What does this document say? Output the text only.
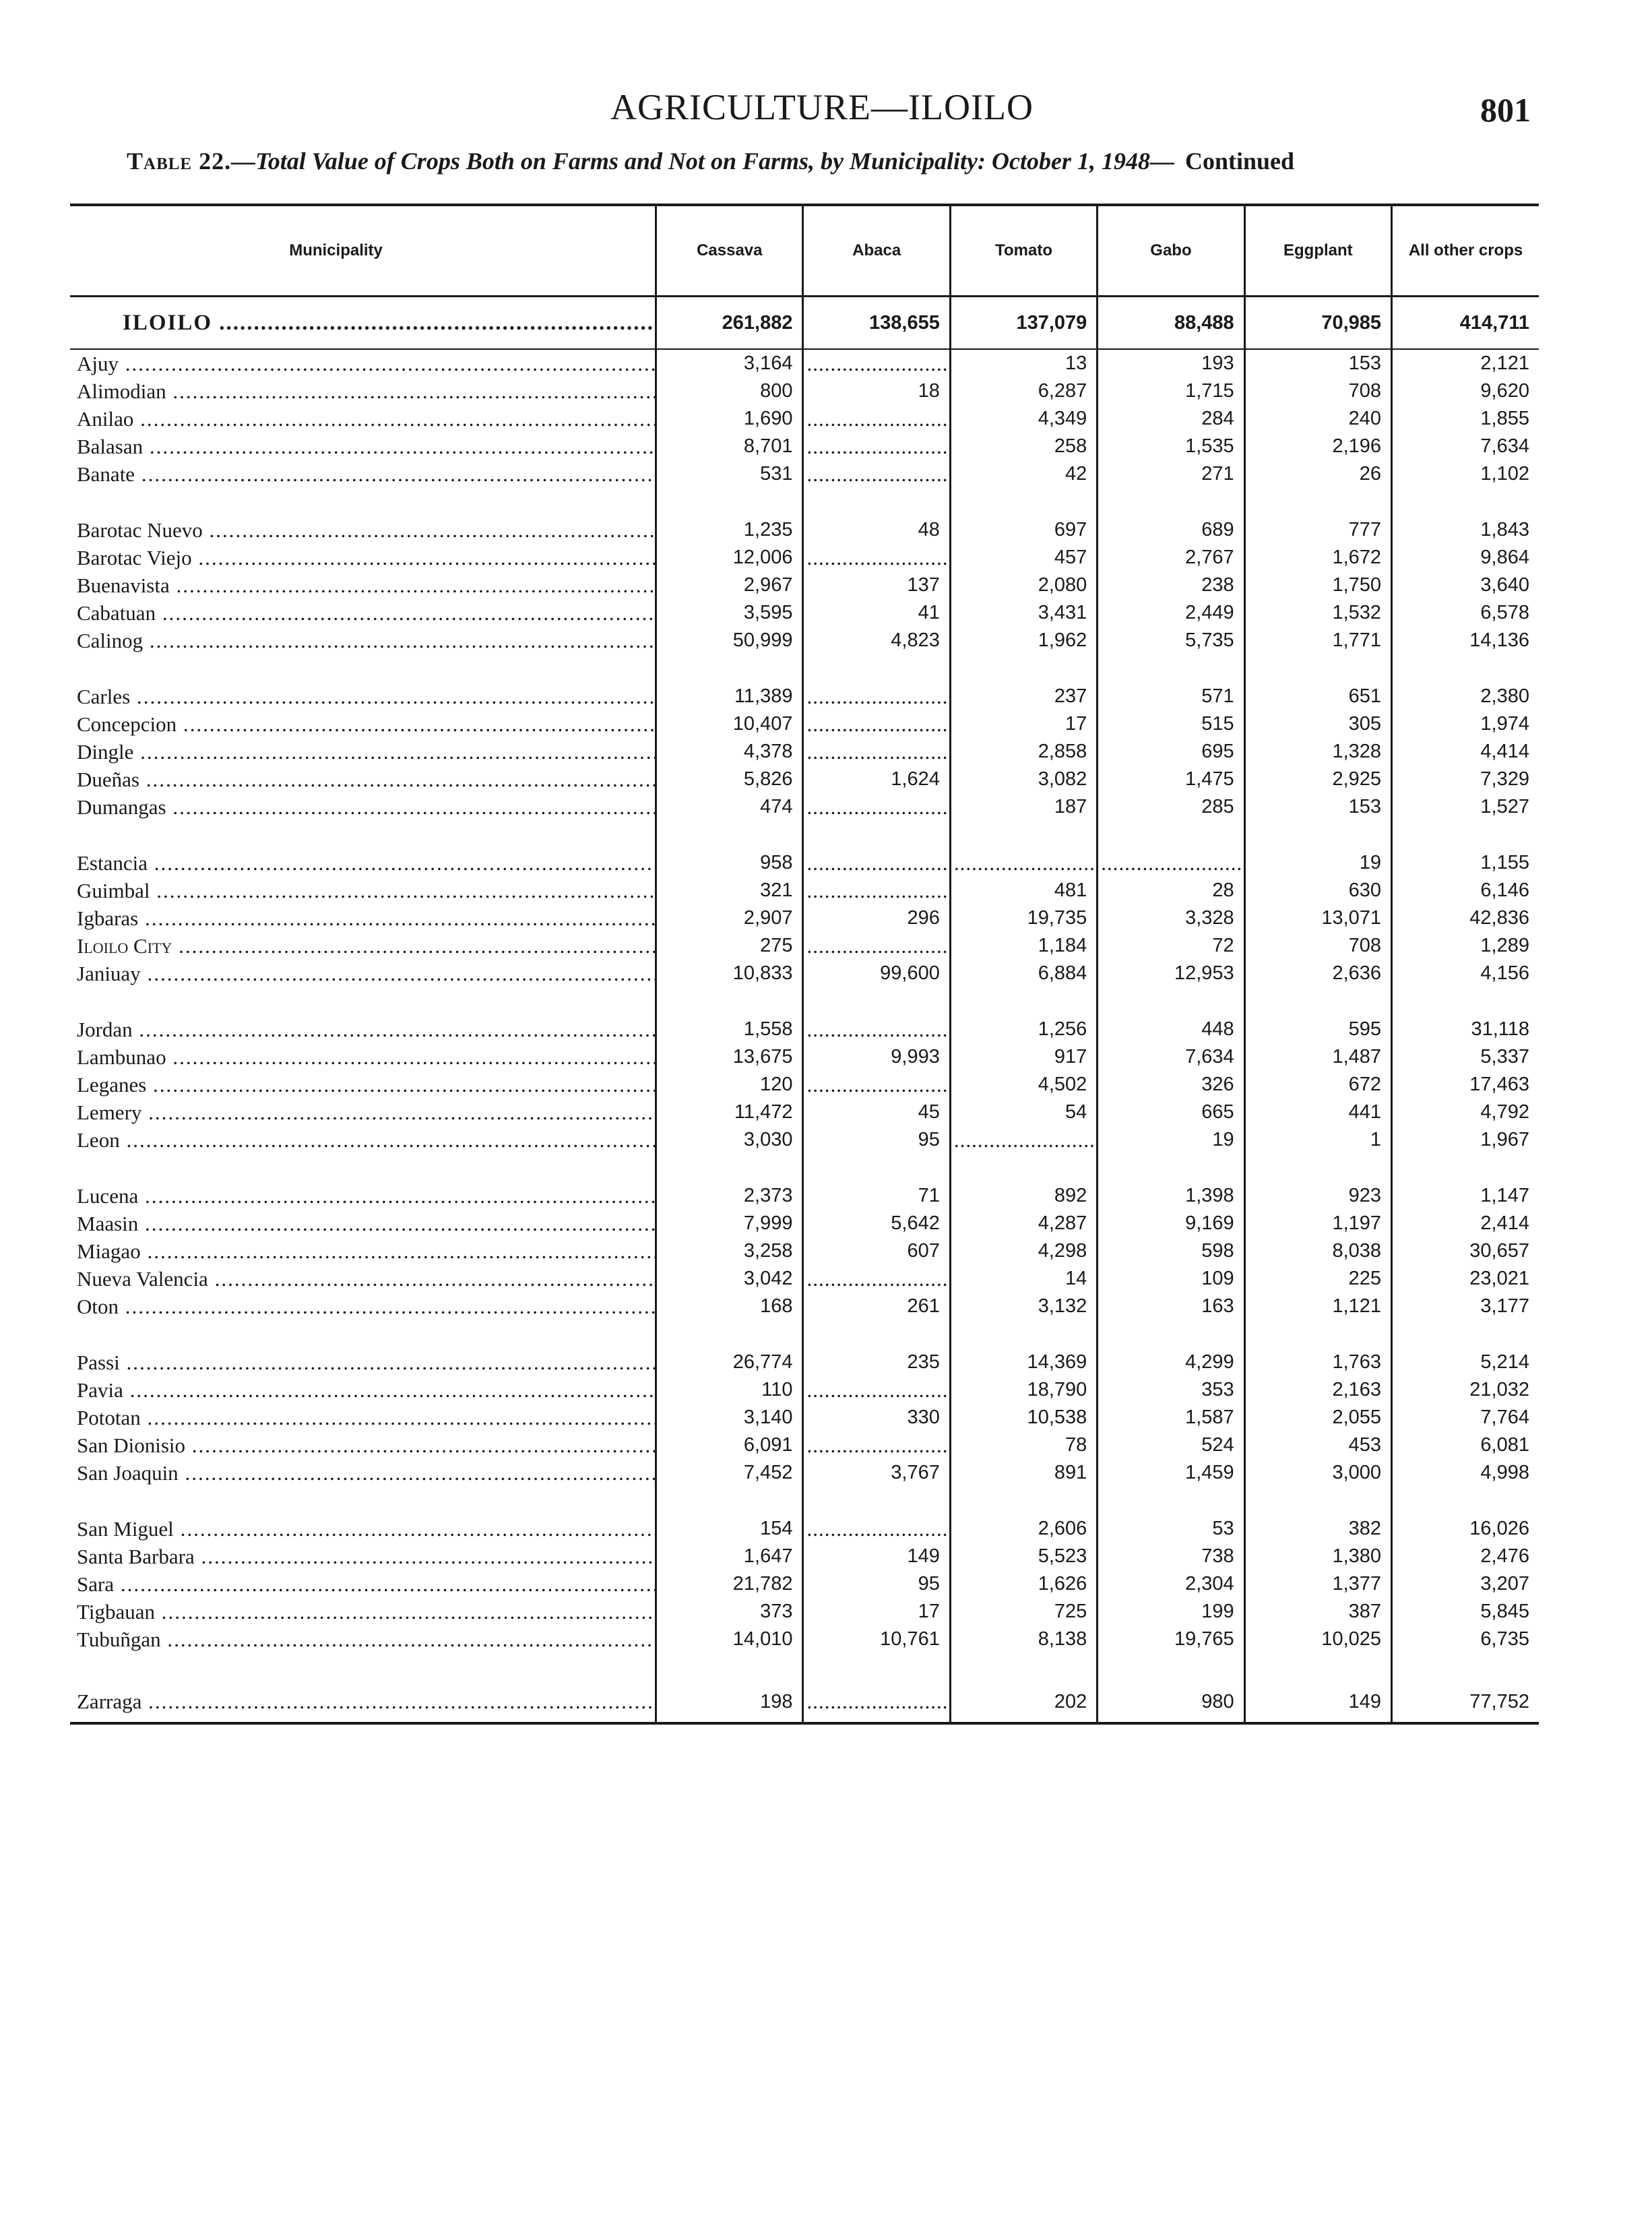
AGRICULTURE—ILOILO	801
Table 22.—Total Value of Crops Both on Farms and Not on Farms, by Municipality: October 1, 1948— Continued
Municipality	Cassava	Abaca	Tomato	Gabo	Eggplant	All other crops
ILOILO .....	261,882	138,655	137,079	88,488	70,985	414,711
Ajuy .....	3,164	.....	13	193	153	2,121
Alimodian .....	800	18	6,287	1,715	708	9,620
Anilao .....	1,690	.....	4,349	284	240	1,855
Balasan .....	8,701	.....	258	1,535	2,196	7,634
Banate .....	531	.....	42	271	26	1,102

Barotac Nuevo .....	1,235	48	697	689	777	1,843
Barotac Viejo .....	12,006	.....	457	2,767	1,672	9,864
Buenavista .....	2,967	137	2,080	238	1,750	3,640
Cabatuan .....	3,595	41	3,431	2,449	1,532	6,578
Calinog .....	50,999	4,823	1,962	5,735	1,771	14,136

Carles .....	11,389	.....	237	571	651	2,380
Concepcion .....	10,407	.....	17	515	305	1,974
Dingle .....	4,378	.....	2,858	695	1,328	4,414
Dueñas .....	5,826	1,624	3,082	1,475	2,925	7,329
Dumangas .....	474	.....	187	285	153	1,527

Estancia .....	958	.....	.....	.....	19	1,155
Guimbal .....	321	.....	481	28	630	6,146
Igbaras .....	2,907	296	19,735	3,328	13,071	42,836
Iloilo City .....	275	.....	1,184	72	708	1,289
Janiuay .....	10,833	99,600	6,884	12,953	2,636	4,156

Jordan .....	1,558	.....	1,256	448	595	31,118
Lambunao .....	13,675	9,993	917	7,634	1,487	5,337
Leganes .....	120	.....	4,502	326	672	17,463
Lemery .....	11,472	45	54	665	441	4,792
Leon .....	3,030	95	.....	19	1	1,967

Lucena .....	2,373	71	892	1,398	923	1,147
Maasin .....	7,999	5,642	4,287	9,169	1,197	2,414
Miagao .....	3,258	607	4,298	598	8,038	30,657
Nueva Valencia .....	3,042	.....	14	109	225	23,021
Oton .....	168	261	3,132	163	1,121	3,177

Passi .....	26,774	235	14,369	4,299	1,763	5,214
Pavia .....	110	.....	18,790	353	2,163	21,032
Pototan .....	3,140	330	10,538	1,587	2,055	7,764
San Dionisio .....	6,091	.....	78	524	453	6,081
San Joaquin .....	7,452	3,767	891	1,459	3,000	4,998

San Miguel .....	154	.....	2,606	53	382	16,026
Santa Barbara .....	1,647	149	5,523	738	1,380	2,476
Sara .....	21,782	95	1,626	2,304	1,377	3,207
Tigbauan .....	373	17	725	199	387	5,845
Tubuñgan .....	14,010	10,761	8,138	19,765	10,025	6,735

Zarraga .....	198	.....	202	980	149	77,752
